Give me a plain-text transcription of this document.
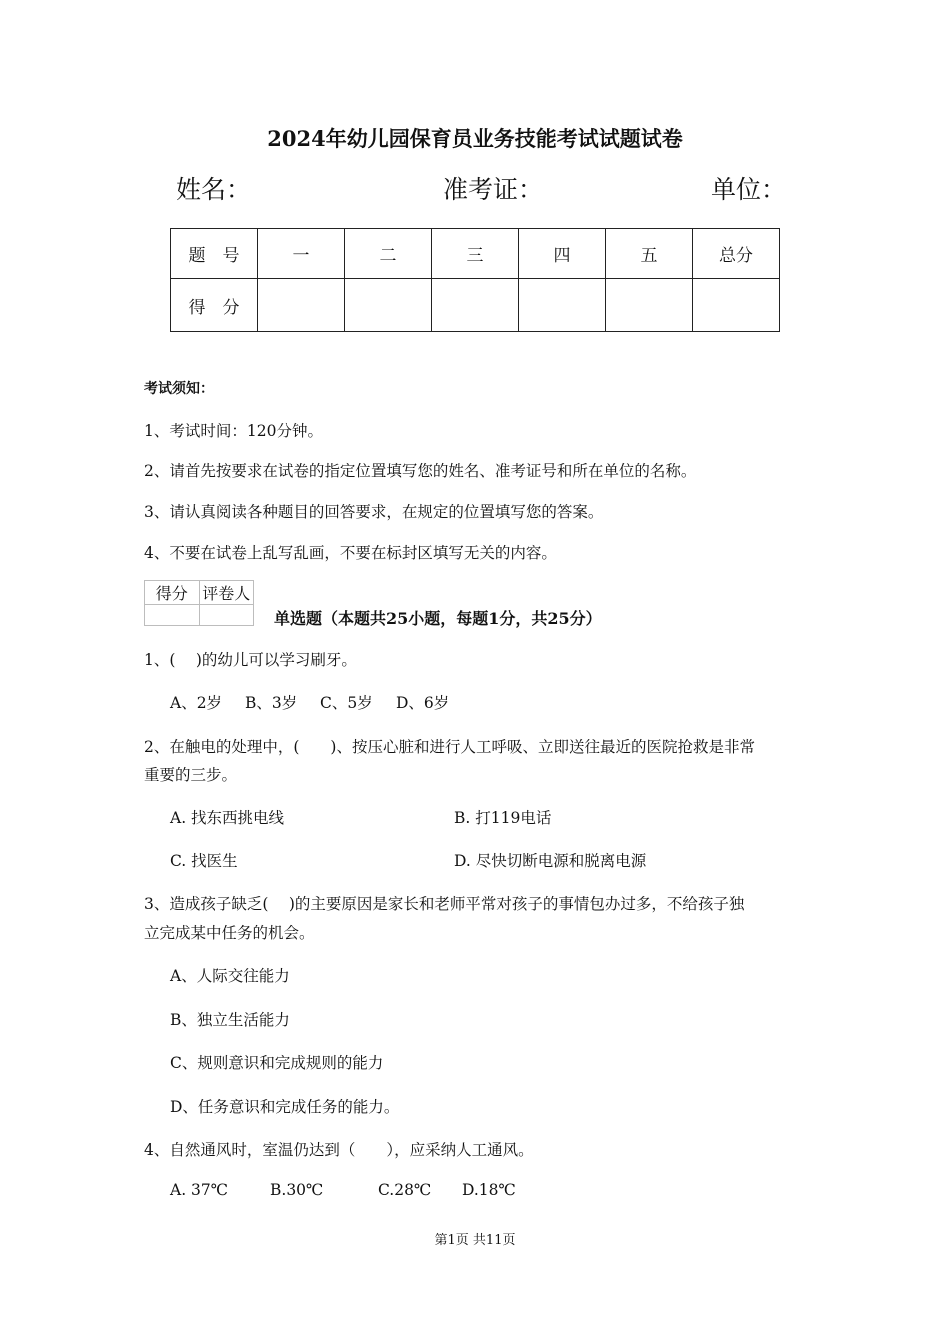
2024年幼儿园保育员业务技能考试试题试卷
姓名：	准考证：	单位：
题　号	一	二	三	四	五	总分
得　分						
考试须知：
1、考试时间：120分钟。
2、请首先按要求在试卷的指定位置填写您的姓名、准考证号和所在单位的名称。
3、请认真阅读各种题目的回答要求，在规定的位置填写您的答案。
4、不要在试卷上乱写乱画，不要在标封区填写无关的内容。
得分	评卷人

单选题（本题共25小题，每题1分，共25分）
1、(　 )的幼儿可以学习刷牙。
A、2岁 B、3岁 C、5岁 D、6岁
2、在触电的处理中，(　　)、按压心脏和进行人工呼吸、立即送往最近的医院抢救是非常
重要的三步。
A. 找东西挑电线	B. 打119电话
C. 找医生	D. 尽快切断电源和脱离电源
3、造成孩子缺乏(　 )的主要原因是家长和老师平常对孩子的事情包办过多，不给孩子独
立完成某中任务的机会。
A、人际交往能力
B、独立生活能力
C、规则意识和完成规则的能力
D、任务意识和完成任务的能力。
4、自然通风时，室温仍达到（　　），应采纳人工通风。
A. 37℃	B.30℃	C.28℃ D.18℃
第1页 共11页
